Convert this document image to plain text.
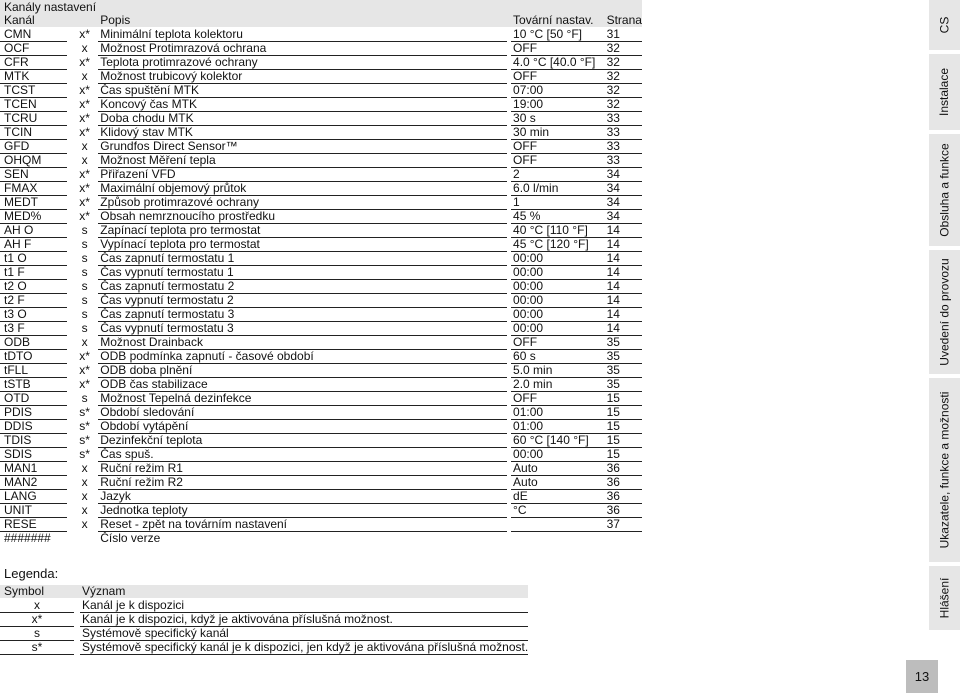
Kanály nastavení
Kanál			Popis		Tovární nastav.	Strana
CMN		x*	Minimální teplota kolektoru		10 °C [50 °F]	31
OCF		x	Možnost Protimrazová ochrana		OFF	32
CFR		x*	Teplota protimrazové ochrany		4.0 °C [40.0 °F]	32
MTK		x	Možnost trubicový kolektor		OFF	32
TCST		x*	Čas spuštění MTK		07:00	32
TCEN		x*	Koncový čas MTK		19:00	32
TCRU		x*	Doba chodu MTK		30 s	33
TCIN		x*	Klidový stav MTK		30 min	33
GFD		x	Grundfos Direct Sensor™		OFF	33
OHQM		x	Možnost Měření tepla		OFF	33
SEN		x*	Přiřazení VFD		2	34
FMAX		x*	Maximální objemový průtok		6.0 l/min	34
MEDT		x*	Způsob protimrazové ochrany		1	34
MED%		x*	Obsah nemrznoucího prostředku		45 %	34
AH O		s	Zapínací teplota pro termostat		40 °C [110 °F]	14
AH F		s	Vypínací teplota pro termostat		45 °C [120 °F]	14
t1 O		s	Čas zapnutí termostatu 1		00:00	14
t1 F		s	Čas vypnutí termostatu 1		00:00	14
t2 O		s	Čas zapnutí termostatu 2		00:00	14
t2 F		s	Čas vypnutí termostatu 2		00:00	14
t3 O		s	Čas zapnutí termostatu 3		00:00	14
t3 F		s	Čas vypnutí termostatu 3		00:00	14
ODB		x	Možnost Drainback		OFF	35
tDTO		x*	ODB podmínka zapnutí - časové období		60 s	35
tFLL		x*	ODB doba plnění		5.0 min	35
tSTB		x*	ODB čas stabilizace		2.0 min	35
OTD		s	Možnost Tepelná dezinfekce		OFF	15
PDIS		s*	Období sledování		01:00	15
DDIS		s*	Období vytápění		01:00	15
TDIS		s*	Dezinfekční teplota		60 °C [140 °F]	15
SDIS		s*	Čas spuš.		00:00	15
MAN1		x	Ruční režim R1		Auto	36
MAN2		x	Ruční režim R2		Auto	36
LANG		x	Jazyk		dE	36
UNIT		x	Jednotka teploty		°C	36
RESE		x	Reset - zpět na továrním nastavení			37
#######			Číslo verze			
Legenda:
Symbol		Význam
x		Kanál je k dispozici
x*		Kanál je k dispozici, když je aktivována příslušná možnost.
s		Systémově specifický kanál
s*		Systémově specifický kanál je k dispozici, jen když je aktivována příslušná možnost.
CS
Instalace
Obsluha a funkce
Uvedení do provozu
Ukazatele, funkce a možnosti
Hlášení
13
